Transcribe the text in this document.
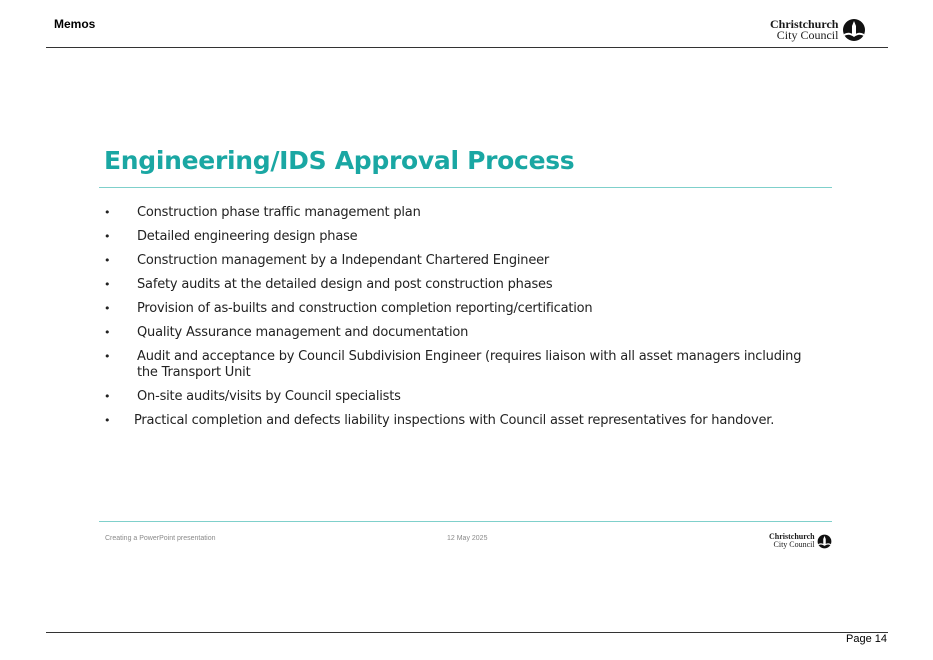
Memos	Christchurch
City Council
Engineering/IDS Approval Process
• Construction phase traffic management plan
• Detailed engineering design phase
• Construction management by a Independant Chartered Engineer
• Safety audits at the detailed design and post construction phases
• Provision of as-builts and construction completion reporting/certification
• Quality Assurance management and documentation
• Audit and acceptance by Council Subdivision Engineer (requires liaison with all asset managers including the Transport Unit
• On-site audits/visits by Council specialists
• Practical completion and defects liability inspections with Council asset representatives for handover.
Creating a PowerPoint presentation	12 May 2025	Christchurch
City Council
Page 14
